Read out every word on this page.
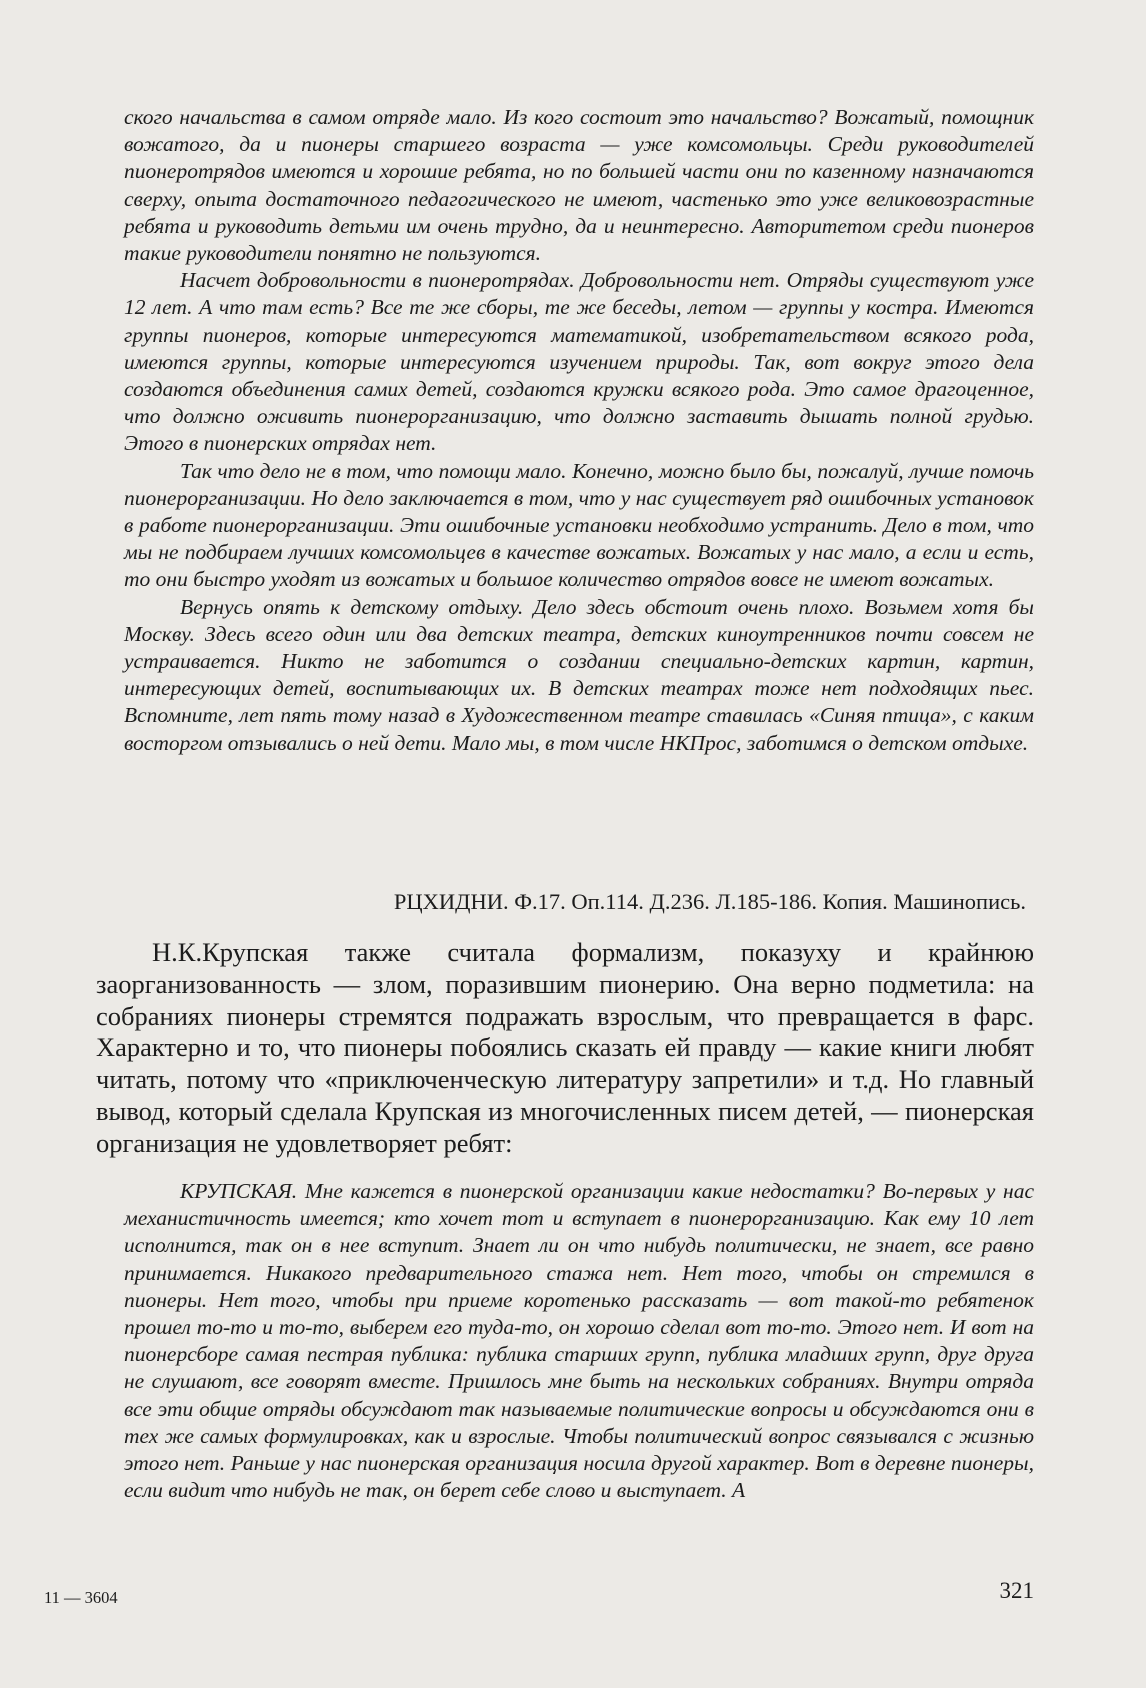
ского начальства в самом отряде мало. Из кого состоит это начальство? Вожатый, помощник вожатого, да и пионеры старшего возраста — уже комсомольцы. Среди руководителей пионеротрядов имеются и хорошие ребята, но по большей части они по казенному назначаются сверху, опыта достаточного педагогического не имеют, частенько это уже великовозрастные ребята и руководить детьми им очень трудно, да и неинтересно. Авторитетом среди пионеров такие руководители понятно не пользуются.

Насчет добровольности в пионеротрядах. Добровольности нет. Отряды существуют уже 12 лет. А что там есть? Все те же сборы, те же беседы, летом — группы у костра. Имеются группы пионеров, которые интересуются математикой, изобретательством всякого рода, имеются группы, которые интересуются изучением природы. Так, вот вокруг этого дела создаются объединения самих детей, создаются кружки всякого рода. Это самое драгоценное, что должно оживить пионерорганизацию, что должно заставить дышать полной грудью. Этого в пионерских отрядах нет.

Так что дело не в том, что помощи мало. Конечно, можно было бы, пожалуй, лучше помочь пионерорганизации. Но дело заключается в том, что у нас существует ряд ошибочных установок в работе пионерорганизации. Эти ошибочные установки необходимо устранить. Дело в том, что мы не подбираем лучших комсомольцев в качестве вожатых. Вожатых у нас мало, а если и есть, то они быстро уходят из вожатых и большое количество отрядов вовсе не имеют вожатых.

Вернусь опять к детскому отдыху. Дело здесь обстоит очень плохо. Возьмем хотя бы Москву. Здесь всего один или два детских театра, детских киноутренников почти совсем не устраивается. Никто не заботится о создании специально-детских картин, картин, интересующих детей, воспитывающих их. В детских театрах тоже нет подходящих пьес. Вспомните, лет пять тому назад в Художественном театре ставилась «Синяя птица», с каким восторгом отзывались о ней дети. Мало мы, в том числе НКПрос, заботимся о детском отдыхе.

РЦХИДНИ. Ф.17. Оп.114. Д.236. Л.185-186. Копия. Машинопись.

Н.К.Крупская также считала формализм, показуху и крайнюю заорганизованность — злом, поразившим пионерию. Она верно подметила: на собраниях пионеры стремятся подражать взрослым, что превращается в фарс. Характерно и то, что пионеры побоялись сказать ей правду — какие книги любят читать, потому что «приключенческую литературу запретили» и т.д. Но главный вывод, который сделала Крупская из многочисленных писем детей, — пионерская организация не удовлетворяет ребят:

КРУПСКАЯ. Мне кажется в пионерской организации какие недостатки? Во-первых у нас механистичность имеется; кто хочет тот и вступает в пионерорганизацию. Как ему 10 лет исполнится, так он в нее вступит. Знает ли он что нибудь политически, не знает, все равно принимается. Никакого предварительного стажа нет. Нет того, чтобы он стремился в пионеры. Нет того, чтобы при приеме коротенько рассказать — вот такой-то ребятенок прошел то-то и то-то, выберем его туда-то, он хорошо сделал вот то-то. Этого нет. И вот на пионерсборе самая пестрая публика: публика старших групп, публика младших групп, друг друга не слушают, все говорят вместе. Пришлось мне быть на нескольких собраниях. Внутри отряда все эти общие отряды обсуждают так называемые политические вопросы и обсуждаются они в тех же самых формулировках, как и взрослые. Чтобы политический вопрос связывался с жизнью этого нет. Раньше у нас пионерская организация носила другой характер. Вот в деревне пионеры, если видит что нибудь не так, он берет себе слово и выступает. А

11 — 3604	321
